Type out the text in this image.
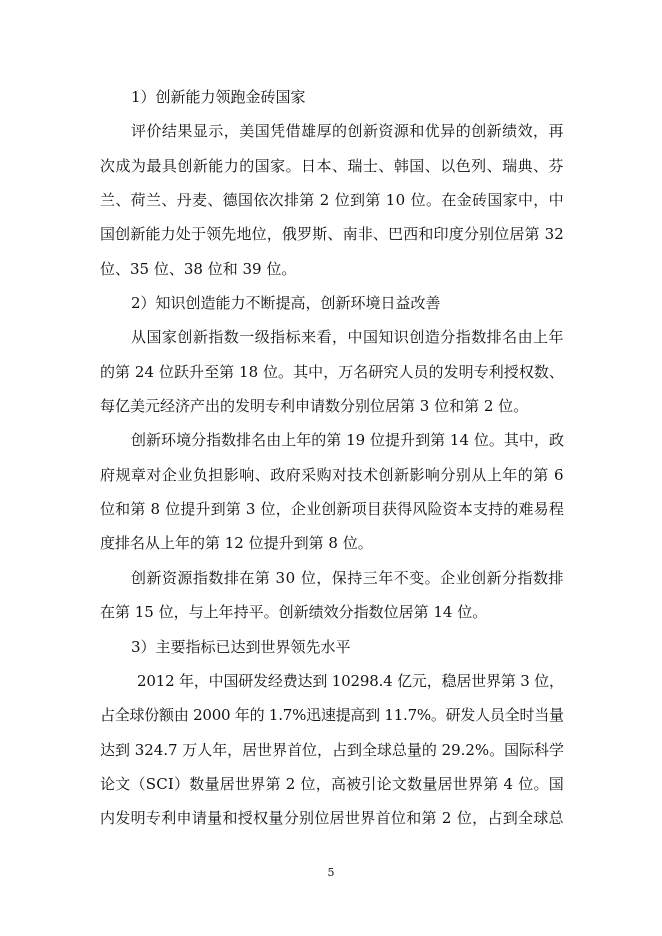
1）创新能力领跑金砖国家
评价结果显示，美国凭借雄厚的创新资源和优异的创新绩效，再
次成为最具创新能力的国家。日本、瑞士、韩国、以色列、瑞典、芬
兰、荷兰、丹麦、德国依次排第 2 位到第 10 位。在金砖国家中，中
国创新能力处于领先地位，俄罗斯、南非、巴西和印度分别位居第 32
位、35 位、38 位和 39 位。
2）知识创造能力不断提高，创新环境日益改善
从国家创新指数一级指标来看，中国知识创造分指数排名由上年
的第 24 位跃升至第 18 位。其中，万名研究人员的发明专利授权数、
每亿美元经济产出的发明专利申请数分别位居第 3 位和第 2 位。
创新环境分指数排名由上年的第 19 位提升到第 14 位。其中，政
府规章对企业负担影响、政府采购对技术创新影响分别从上年的第 6
位和第 8 位提升到第 3 位，企业创新项目获得风险资本支持的难易程
度排名从上年的第 12 位提升到第 8 位。
创新资源指数排在第 30 位，保持三年不变。企业创新分指数排
在第 15 位，与上年持平。创新绩效分指数位居第 14 位。
3）主要指标已达到世界领先水平
2012 年，中国研发经费达到 10298.4 亿元，稳居世界第 3 位，
占全球份额由 2000 年的 1.7%迅速提高到 11.7%。研发人员全时当量
达到 324.7 万人年，居世界首位，占到全球总量的 29.2%。国际科学
论文（SCI）数量居世界第 2 位，高被引论文数量居世界第 4 位。国
内发明专利申请量和授权量分别位居世界首位和第 2 位，占到全球总
5
